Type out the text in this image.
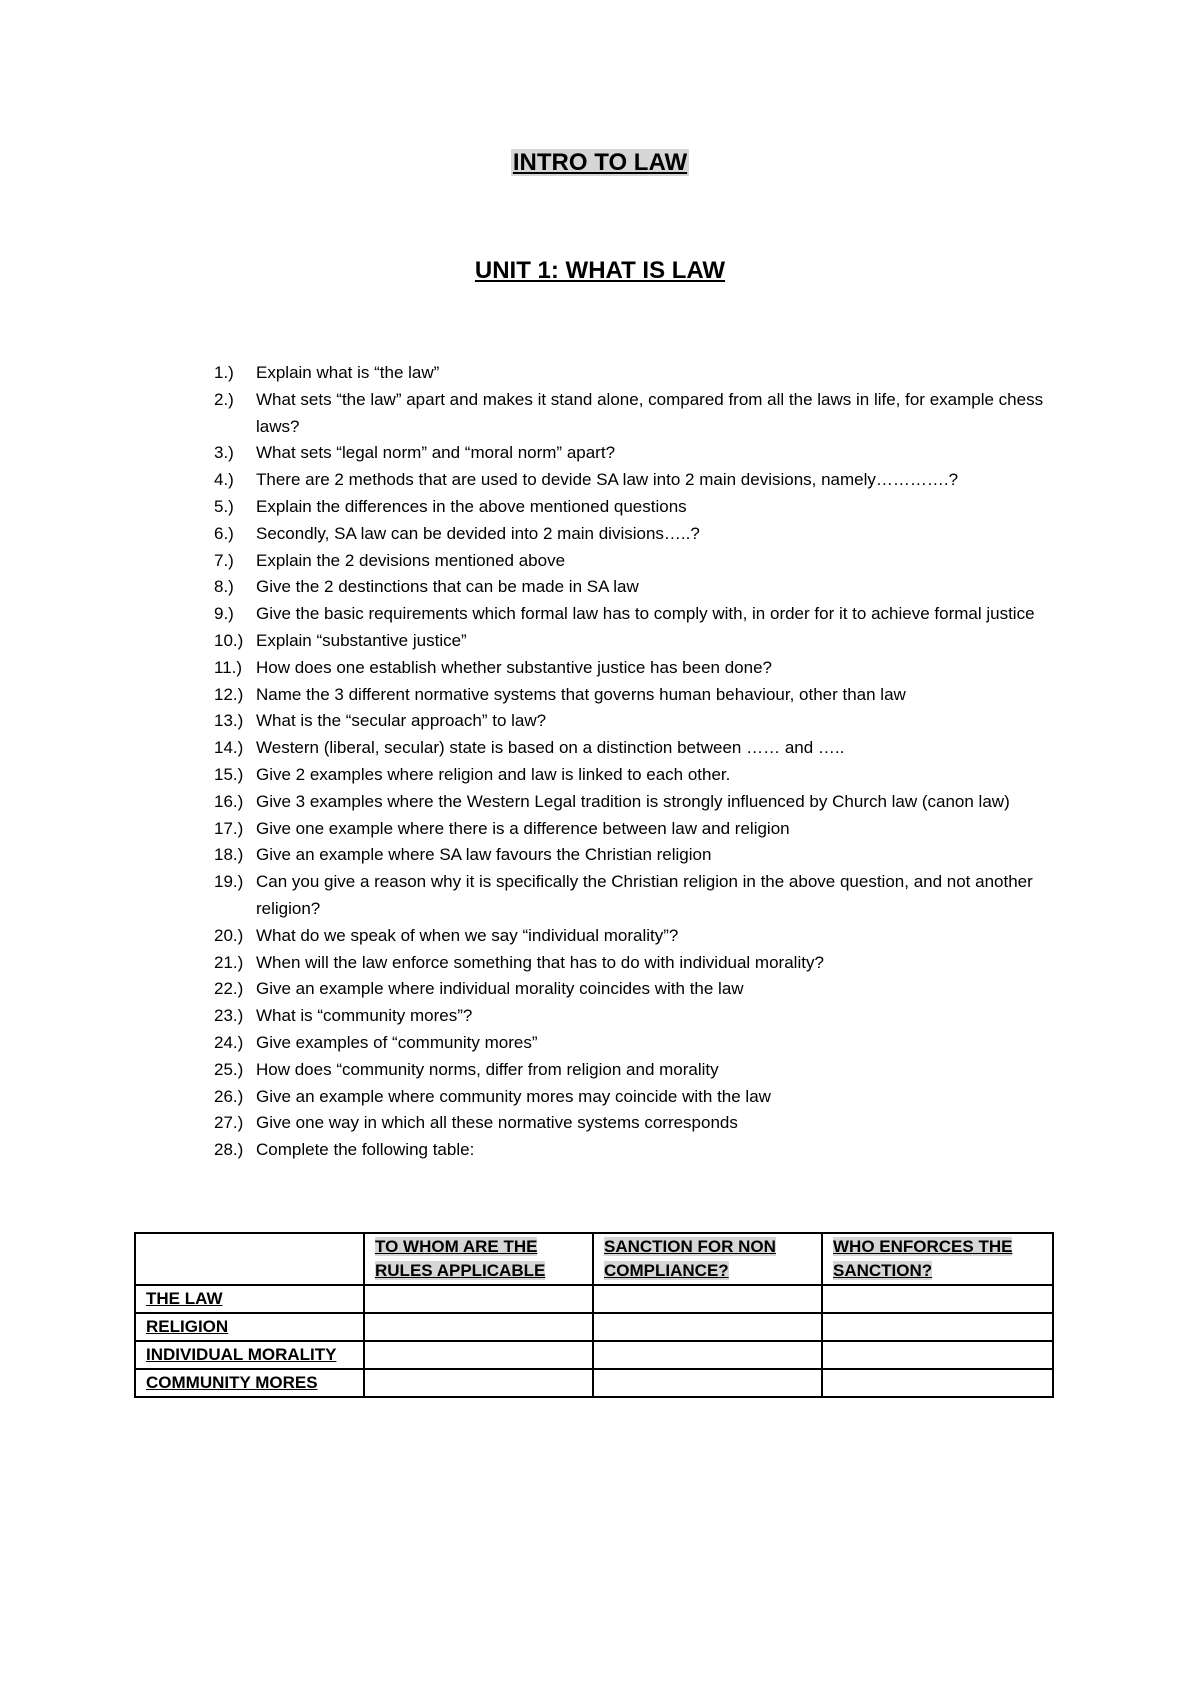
INTRO TO LAW
UNIT 1: WHAT IS LAW
1.)	Explain what is “the law”
2.)	What sets “the law” apart and makes it stand alone, compared from all the laws in life, for example chess laws?
3.)	What sets “legal norm” and “moral norm” apart?
4.)	There are 2 methods that are used to devide SA law into 2 main devisions, namely………….?
5.)	Explain the differences in the above mentioned questions
6.)	Secondly, SA law can be devided into 2 main divisions…..?
7.)	Explain the 2 devisions mentioned above
8.)	Give the 2 destinctions that can be made in SA law
9.)	Give the basic requirements which formal law has to comply with, in order for it to achieve formal justice
10.) Explain “substantive justice”
11.) How does one establish whether substantive justice has been done?
12.) Name the 3 different normative systems that governs human behaviour, other than law
13.) What is the “secular approach” to law?
14.) Western (liberal, secular) state is based on a distinction between …… and …..
15.) Give 2 examples where religion and law is linked to each other.
16.) Give 3 examples where the Western Legal tradition is strongly influenced by Church law (canon law)
17.) Give one example where there is a difference between law and religion
18.) Give an example where SA law favours the Christian religion
19.) Can you give a reason why it is specifically the Christian religion in the above question, and not another religion?
20.) What do we speak of when we say “individual morality”?
21.) When will the law enforce something that has to do with individual morality?
22.) Give an example where individual morality coincides with the law
23.) What is “community mores”?
24.) Give examples of “community mores”
25.) How does “community norms, differ from religion and morality
26.) Give an example where community mores may coincide with the law
27.) Give one way in which all these normative systems corresponds
28.) Complete the following table:
	TO WHOM ARE THE RULES APPLICABLE	SANCTION FOR NON COMPLIANCE?	WHO ENFORCES THE SANCTION?
THE LAW			
RELIGION			
INDIVIDUAL MORALITY			
COMMUNITY MORES			
